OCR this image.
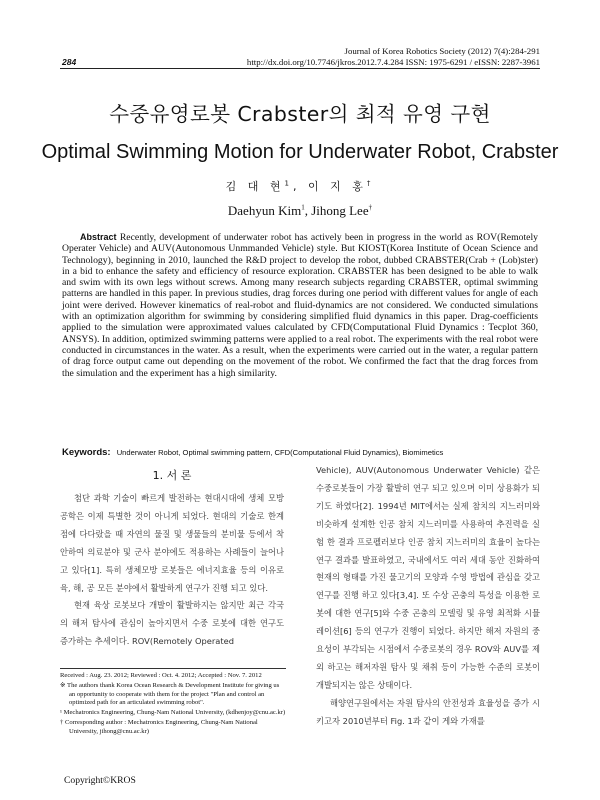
284
Journal of Korea Robotics Society (2012) 7(4):284-291
http://dx.doi.org/10.7746/jkros.2012.7.4.284 ISSN: 1975-6291 / eISSN: 2287-3961
수중유영로봇 Crabster의 최적 유영 구현
Optimal Swimming Motion for Underwater Robot, Crabster
김 대 현$^1$, 이 지 홍†
Daehyun Kim$^1$, Jihong Lee†
Abstract Recently, development of underwater robot has actively been in progress in the world as ROV(Remotely Operater Vehicle) and AUV(Autonomous Unmmanded Vehicle) style. But KIOST(Korea Institute of Ocean Science and Technology), beginning in 2010, launched the R&D project to develop the robot, dubbed CRABSTER(Crab + (Lob)ster) in a bid to enhance the safety and efficiency of resource exploration. CRABSTER has been designed to be able to walk and swim with its own legs without screws. Among many research subjects regarding CRABSTER, optimal swimming patterns are handled in this paper. In previous studies, drag forces during one period with different values for angle of each joint were derived. However kinematics of real-robot and fluid-dynamics are not considered. We conducted simulations with an optimization algorithm for swimming by considering simplified fluid dynamics in this paper. Drag-coefficients applied to the simulation were approximated values calculated by CFD(Computational Fluid Dynamics : Tecplot 360, ANSYS). In addition, optimized swimming patterns were applied to a real robot. The experiments with the real robot were conducted in circumstances in the water. As a result, when the experiments were carried out in the water, a regular pattern of drag force output came out depending on the movement of the robot. We confirmed the fact that the drag forces from the simulation and the experiment has a high similarity.
Keywords: Underwater Robot, Optimal swimming pattern, CFD(Computational Fluid Dynamics), Biomimetics
1. 서 론

첨단 과학 기술이 빠르게 발전하는 현대시대에 생체 모방공학은 이제 특별한 것이 아니게 되었다. 현대의 기술로 한계 점에 다다랐을 때 자연의 물질 및 생물들의 분비물 등에서 착안하여 의료분야 및 군사 분야에도 적용하는 사례들이 늘어나고 있다[1]. 특히 생체모방 로봇들은 에너지효율 등의 이유로 육, 해, 공 모든 분야에서 활발하게 연구가 진행 되고 있다.

현재 육상 로봇보다 개발이 활발하지는 않지만 최근 각국의 해저 탐사에 관심이 높아지면서 수중 로봇에 대한 연구도 증가하는 추세이다. ROV(Remotely Operated

Vehicle), AUV(Autonomous Underwater Vehicle) 같은 수중로봇들이 가장 활발히 연구 되고 있으며 이미 상용화가 되기도 하였다[2]. 1994년 MIT에서는 실제 참치의 지느러미와 비슷하게 설계한 인공 참치 지느러미를 사용하여 추진력을 실험 한 결과 프로펠러보다 인공 참치 지느러미의 효율이 높다는 연구 결과를 발표하였고, 국내에서도 여러 세대 동안 진화하여 현재의 형태를 가진 물고기의 모양과 수영 방법에 관심을 갖고 연구를 진행 하고 있다[3,4]. 또 수상 곤충의 특성을 이용한 로봇에 대한 연구[5]와 수중 곤충의 모델링 및 유영 최적화 시뮬레이션[6] 등의 연구가 진행이 되었다. 하지만 해저 자원의 중요성이 부각되는 시점에서 수중로봇의 경우 ROV와 AUV를 제외 하고는 해저자원 탐사 및 채취 등이 가능한 수준의 로봇이 개발되지는 않은 상태이다.

해양연구원에서는 자원 탐사의 안전성과 효율성을 증가 시키고자 2010년부터 Fig. 1과 같이 게와 가재를

Received : Aug. 23. 2012; Reviewed : Oct. 4. 2012; Accepted : Nov. 7. 2012
※ The authors thank Korea Ocean Research & Development Institute for giving us an opportunity to cooperate with them for the project "Plan and control an optimized path for an articulated swimming robot".
¹ Mechatronics Engineering, Chung-Nam National University, (kdhenjoy@cnu.ac.kr)
† Corresponding author : Mechatronics Engineering, Chung-Nam National University, jihong@cnu.ac.kr)
Copyright©KROS
